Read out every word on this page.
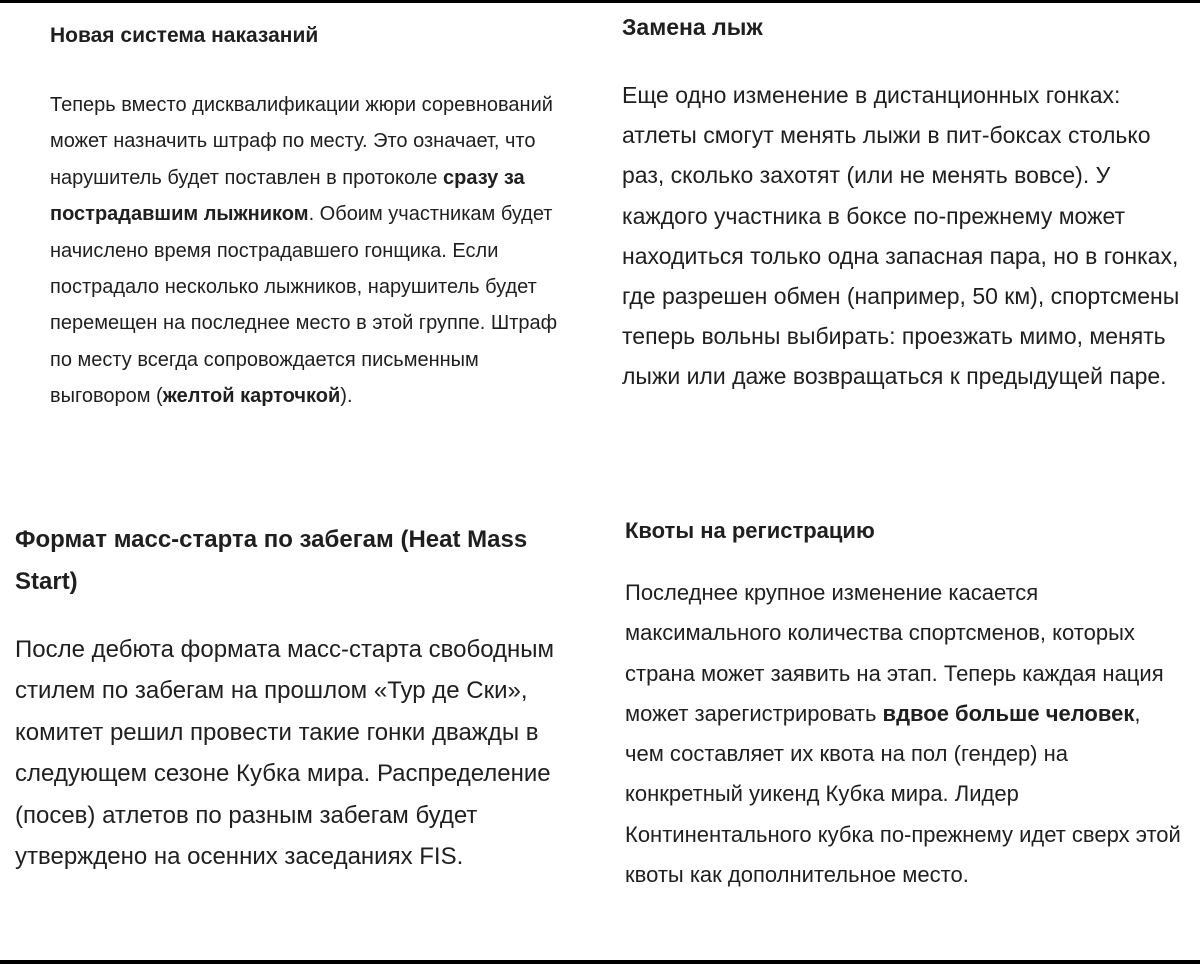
Новая система наказаний

Теперь вместо дисквалификации жюри соревнований может назначить штраф по месту. Это означает, что нарушитель будет поставлен в протоколе сразу за пострадавшим лыжником. Обоим участникам будет начислено время пострадавшего гонщика. Если пострадало несколько лыжников, нарушитель будет перемещен на последнее место в этой группе. Штраф по месту всегда сопровождается письменным выговором (желтой карточкой).

Замена лыж

Еще одно изменение в дистанционных гонках: атлеты смогут менять лыжи в пит-боксах столько раз, сколько захотят (или не менять вовсе). У каждого участника в боксе по-прежнему может находиться только одна запасная пара, но в гонках, где разрешен обмен (например, 50 км), спортсмены теперь вольны выбирать: проезжать мимо, менять лыжи или даже возвращаться к предыдущей паре.

Формат масс-старта по забегам (Heat Mass Start)

После дебюта формата масс-старта свободным стилем по забегам на прошлом «Тур де Ски», комитет решил провести такие гонки дважды в следующем сезоне Кубка мира. Распределение (посев) атлетов по разным забегам будет утверждено на осенних заседаниях FIS.

Квоты на регистрацию

Последнее крупное изменение касается максимального количества спортсменов, которых страна может заявить на этап. Теперь каждая нация может зарегистрировать вдвое больше человек, чем составляет их квота на пол (гендер) на конкретный уикенд Кубка мира. Лидер Континентального кубка по-прежнему идет сверх этой квоты как дополнительное место.
